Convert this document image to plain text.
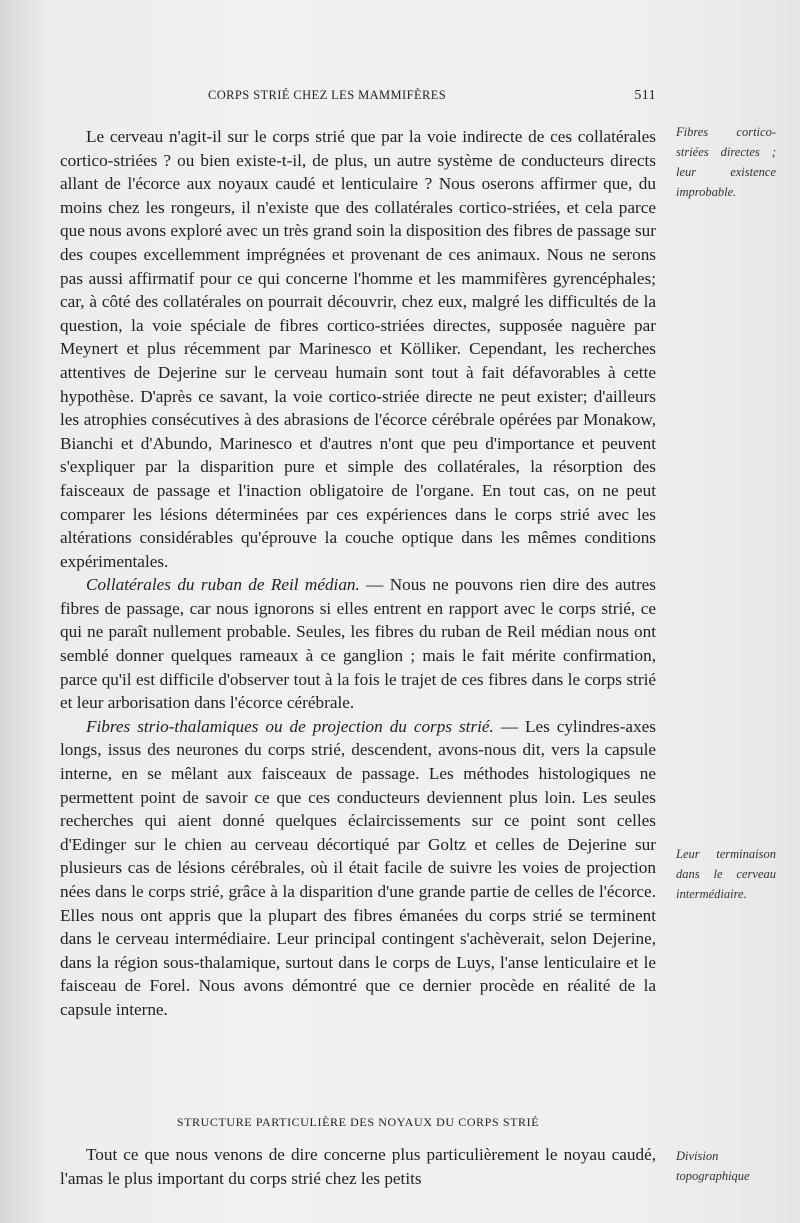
CORPS STRIÉ CHEZ LES MAMMIFÈRES	511

Le cerveau n'agit-il sur le corps strié que par la voie indirecte de ces collatérales cortico-striées ? ou bien existe-t-il, de plus, un autre système de conducteurs directs allant de l'écorce aux noyaux caudé et lenticulaire ? Nous oserons affirmer que, du moins chez les rongeurs, il n'existe que des collatérales cortico-striées, et cela parce que nous avons exploré avec un très grand soin la disposition des fibres de passage sur des coupes excellemment imprégnées et provenant de ces animaux. Nous ne serons pas aussi affirmatif pour ce qui concerne l'homme et les mammifères gyrencéphales; car, à côté des collatérales on pourrait découvrir, chez eux, malgré les difficultés de la question, la voie spéciale de fibres cortico-striées directes, supposée naguère par Meynert et plus récemment par Marinesco et Kölliker. Cependant, les recherches attentives de Dejerine sur le cerveau humain sont tout à fait défavorables à cette hypothèse. D'après ce savant, la voie cortico-striée directe ne peut exister; d'ailleurs les atrophies consécutives à des abrasions de l'écorce cérébrale opérées par Monakow, Bianchi et d'Abundo, Marinesco et d'autres n'ont que peu d'importance et peuvent s'expliquer par la disparition pure et simple des collatérales, la résorption des faisceaux de passage et l'inaction obligatoire de l'organe. En tout cas, on ne peut comparer les lésions déterminées par ces expériences dans le corps strié avec les altérations considérables qu'éprouve la couche optique dans les mêmes conditions expérimentales.

Collatérales du ruban de Reil médian. — Nous ne pouvons rien dire des autres fibres de passage, car nous ignorons si elles entrent en rapport avec le corps strié, ce qui ne paraît nullement probable. Seules, les fibres du ruban de Reil médian nous ont semblé donner quelques rameaux à ce ganglion ; mais le fait mérite confirmation, parce qu'il est difficile d'observer tout à la fois le trajet de ces fibres dans le corps strié et leur arborisation dans l'écorce cérébrale.

Fibres strio-thalamiques ou de projection du corps strié. — Les cylindres-axes longs, issus des neurones du corps strié, descendent, avons-nous dit, vers la capsule interne, en se mêlant aux faisceaux de passage. Les méthodes histologiques ne permettent point de savoir ce que ces conducteurs deviennent plus loin. Les seules recherches qui aient donné quelques éclaircissements sur ce point sont celles d'Edinger sur le chien au cerveau décortiqué par Goltz et celles de Dejerine sur plusieurs cas de lésions cérébrales, où il était facile de suivre les voies de projection nées dans le corps strié, grâce à la disparition d'une grande partie de celles de l'écorce. Elles nous ont appris que la plupart des fibres émanées du corps strié se terminent dans le cerveau intermédiaire. Leur principal contingent s'achèverait, selon Dejerine, dans la région sous-thalamique, surtout dans le corps de Luys, l'anse lenticulaire et le faisceau de Forel. Nous avons démontré que ce dernier procède en réalité de la capsule interne.

STRUCTURE PARTICULIÈRE DES NOYAUX DU CORPS STRIÉ

Tout ce que nous venons de dire concerne plus particulièrement le noyau caudé, l'amas le plus important du corps strié chez les petits

Fibres cortico-striées directes ; leur existence improbable.
Leur terminaison dans le cerveau intermédiaire.
Division topographique
